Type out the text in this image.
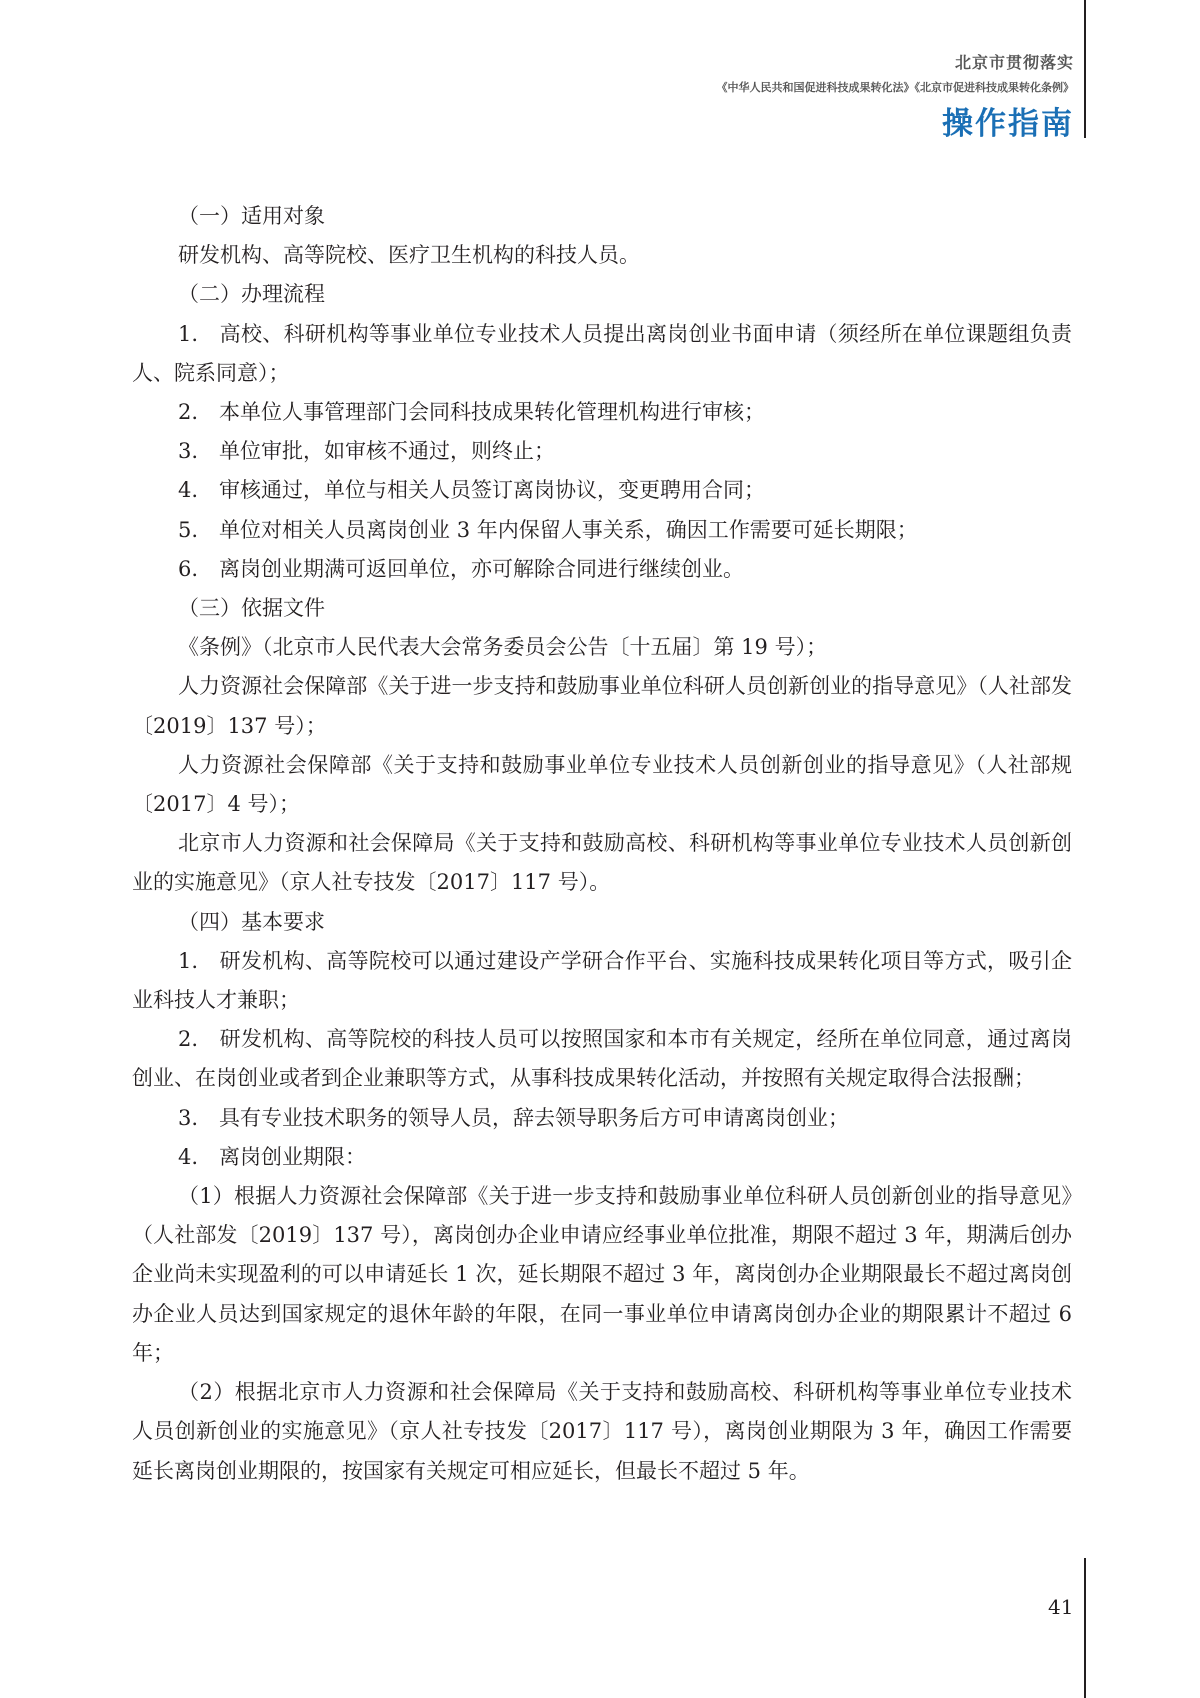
北京市贯彻落实
《中华人民共和国促进科技成果转化法》《北京市促进科技成果转化条例》
操作指南

（一）适用对象

研发机构、高等院校、医疗卫生机构的科技人员。

（二）办理流程

1.　高校、科研机构等事业单位专业技术人员提出离岗创业书面申请（须经所在单位课题组负责人、院系同意）；

2.　本单位人事管理部门会同科技成果转化管理机构进行审核；

3.　单位审批，如审核不通过，则终止；

4.　审核通过，单位与相关人员签订离岗协议，变更聘用合同；

5.　单位对相关人员离岗创业 3 年内保留人事关系，确因工作需要可延长期限；

6.　离岗创业期满可返回单位，亦可解除合同进行继续创业。

（三）依据文件

《条例》（北京市人民代表大会常务委员会公告〔十五届〕第 19 号）；

人力资源社会保障部《关于进一步支持和鼓励事业单位科研人员创新创业的指导意见》（人社部发〔2019〕137 号）；

人力资源社会保障部《关于支持和鼓励事业单位专业技术人员创新创业的指导意见》（人社部规〔2017〕4 号）；

北京市人力资源和社会保障局《关于支持和鼓励高校、科研机构等事业单位专业技术人员创新创业的实施意见》（京人社专技发〔2017〕117 号）。

（四）基本要求

1.　研发机构、高等院校可以通过建设产学研合作平台、实施科技成果转化项目等方式，吸引企业科技人才兼职；

2.　研发机构、高等院校的科技人员可以按照国家和本市有关规定，经所在单位同意，通过离岗创业、在岗创业或者到企业兼职等方式，从事科技成果转化活动，并按照有关规定取得合法报酬；

3.　具有专业技术职务的领导人员，辞去领导职务后方可申请离岗创业；

4.　离岗创业期限：

（1）根据人力资源社会保障部《关于进一步支持和鼓励事业单位科研人员创新创业的指导意见》（人社部发〔2019〕137 号），离岗创办企业申请应经事业单位批准，期限不超过 3 年，期满后创办企业尚未实现盈利的可以申请延长 1 次，延长期限不超过 3 年，离岗创办企业期限最长不超过离岗创办企业人员达到国家规定的退休年龄的年限，在同一事业单位申请离岗创办企业的期限累计不超过 6 年；

（2）根据北京市人力资源和社会保障局《关于支持和鼓励高校、科研机构等事业单位专业技术人员创新创业的实施意见》（京人社专技发〔2017〕117 号），离岗创业期限为 3 年，确因工作需要延长离岗创业期限的，按国家有关规定可相应延长，但最长不超过 5 年。

41
